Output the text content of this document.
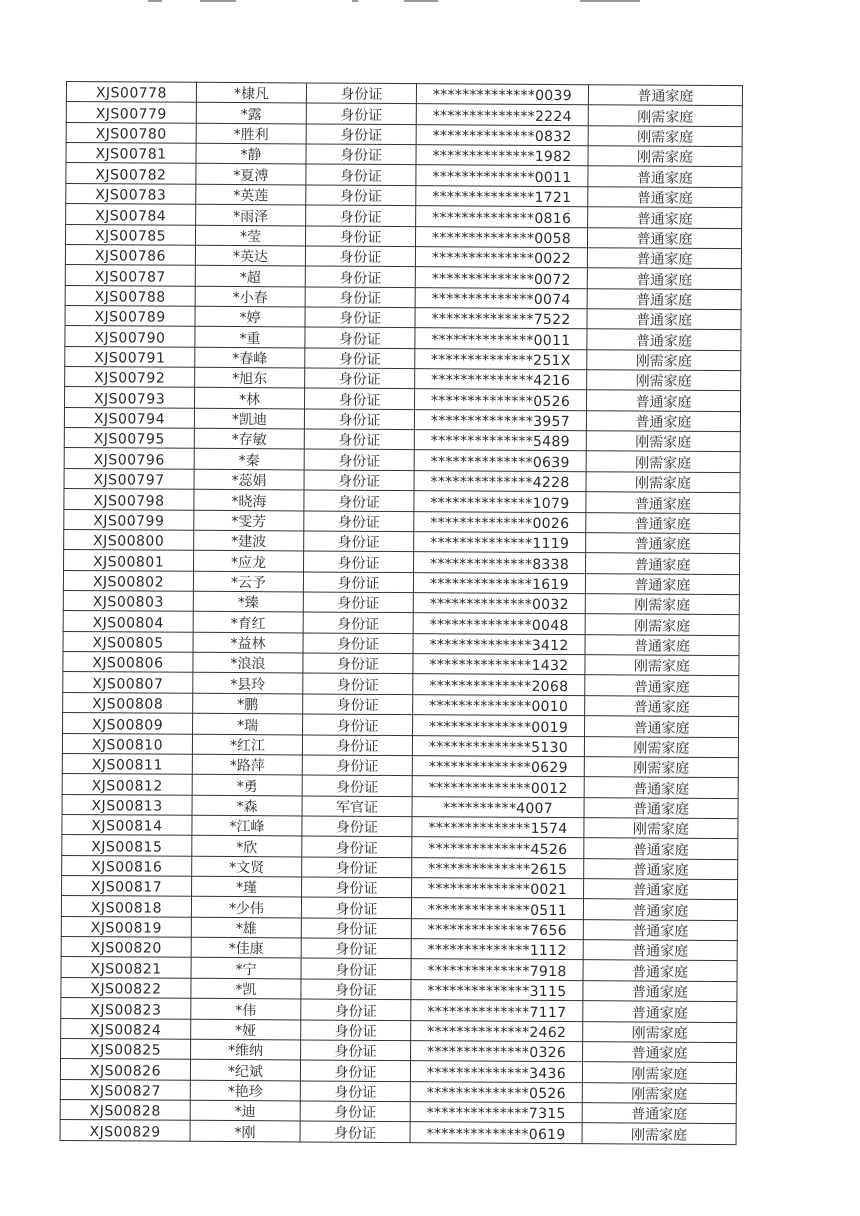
XJS00778	*棣凡	身份证	**************0039	普通家庭
XJS00779	*露	身份证	**************2224	刚需家庭
XJS00780	*胜利	身份证	**************0832	刚需家庭
XJS00781	*静	身份证	**************1982	刚需家庭
XJS00782	*夏溥	身份证	**************0011	普通家庭
XJS00783	*英莲	身份证	**************1721	普通家庭
XJS00784	*雨泽	身份证	**************0816	普通家庭
XJS00785	*莹	身份证	**************0058	普通家庭
XJS00786	*英达	身份证	**************0022	普通家庭
XJS00787	*超	身份证	**************0072	普通家庭
XJS00788	*小春	身份证	**************0074	普通家庭
XJS00789	*婷	身份证	**************7522	普通家庭
XJS00790	*重	身份证	**************0011	普通家庭
XJS00791	*春峰	身份证	**************251X	刚需家庭
XJS00792	*旭东	身份证	**************4216	刚需家庭
XJS00793	*林	身份证	**************0526	普通家庭
XJS00794	*凯迪	身份证	**************3957	普通家庭
XJS00795	*存敏	身份证	**************5489	刚需家庭
XJS00796	*秦	身份证	**************0639	刚需家庭
XJS00797	*蕊娟	身份证	**************4228	刚需家庭
XJS00798	*晓海	身份证	**************1079	普通家庭
XJS00799	*雯芳	身份证	**************0026	普通家庭
XJS00800	*建波	身份证	**************1119	普通家庭
XJS00801	*应龙	身份证	**************8338	普通家庭
XJS00802	*云予	身份证	**************1619	普通家庭
XJS00803	*臻	身份证	**************0032	刚需家庭
XJS00804	*育红	身份证	**************0048	刚需家庭
XJS00805	*益林	身份证	**************3412	普通家庭
XJS00806	*浪浪	身份证	**************1432	刚需家庭
XJS00807	*县玲	身份证	**************2068	普通家庭
XJS00808	*鹏	身份证	**************0010	普通家庭
XJS00809	*瑞	身份证	**************0019	普通家庭
XJS00810	*红江	身份证	**************5130	刚需家庭
XJS00811	*路萍	身份证	**************0629	刚需家庭
XJS00812	*勇	身份证	**************0012	普通家庭
XJS00813	*森	军官证	**********4007	普通家庭
XJS00814	*江峰	身份证	**************1574	刚需家庭
XJS00815	*欣	身份证	**************4526	普通家庭
XJS00816	*文贤	身份证	**************2615	普通家庭
XJS00817	*瑾	身份证	**************0021	普通家庭
XJS00818	*少伟	身份证	**************0511	普通家庭
XJS00819	*雄	身份证	**************7656	普通家庭
XJS00820	*佳康	身份证	**************1112	普通家庭
XJS00821	*宁	身份证	**************7918	普通家庭
XJS00822	*凯	身份证	**************3115	普通家庭
XJS00823	*伟	身份证	**************7117	普通家庭
XJS00824	*娅	身份证	**************2462	刚需家庭
XJS00825	*维纳	身份证	**************0326	普通家庭
XJS00826	*纪斌	身份证	**************3436	刚需家庭
XJS00827	*艳珍	身份证	**************0526	刚需家庭
XJS00828	*迪	身份证	**************7315	普通家庭
XJS00829	*刚	身份证	**************0619	刚需家庭
